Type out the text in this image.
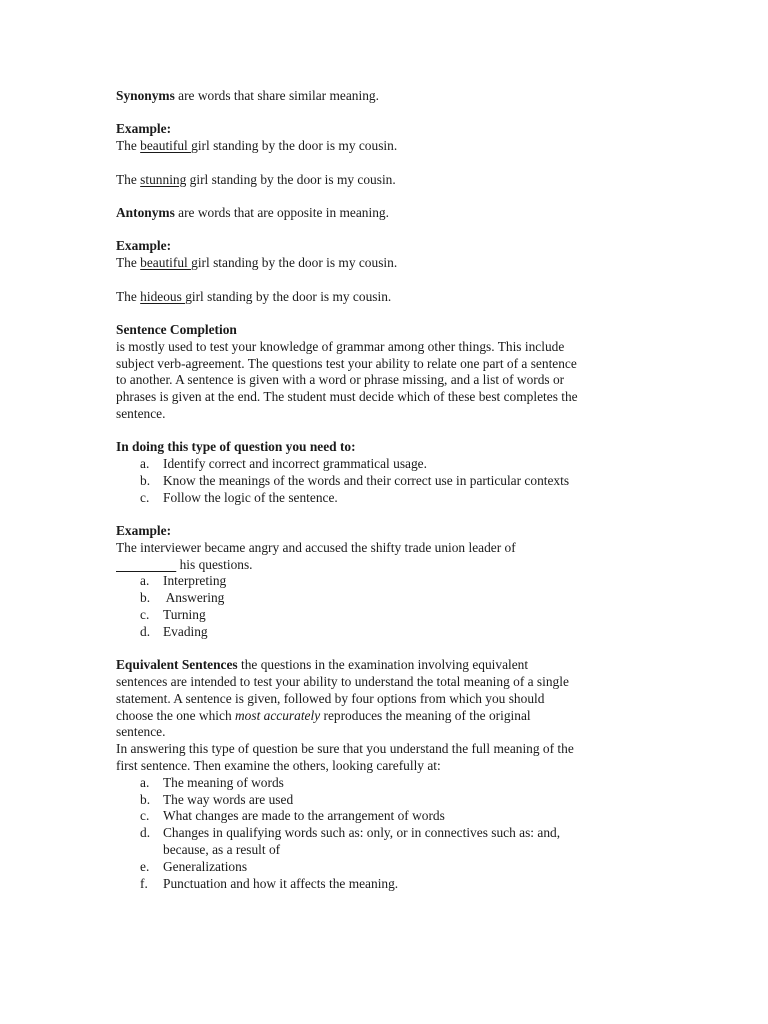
Synonyms are words that share similar meaning.

Example:

The beautiful girl standing by the door is my cousin.

The stunning girl standing by the door is my cousin.

Antonyms are words that are opposite in meaning.

Example:

The beautiful girl standing by the door is my cousin.

The hideous girl standing by the door is my cousin.

Sentence Completion

is mostly used to test your knowledge of grammar among other things. This include

subject verb-agreement. The questions test your ability to relate one part of a sentence

to another. A sentence is given with a word or phrase missing, and a list of words or

phrases is given at the end. The student must decide which of these best completes the

sentence.

In doing this type of question you need to:

a. Identify correct and incorrect grammatical usage.
b. Know the meanings of the words and their correct use in particular contexts
c. Follow the logic of the sentence.

Example:

The interviewer became angry and accused the shifty trade union leader of

his questions.

a. Interpreting
b. Answering
c. Turning
d. Evading

Equivalent Sentences the questions in the examination involving equivalent

sentences are intended to test your ability to understand the total meaning of a single

statement. A sentence is given, followed by four options from which you should

choose the one which most accurately reproduces the meaning of the original

sentence.

In answering this type of question be sure that you understand the full meaning of the

first sentence. Then examine the others, looking carefully at:

a. The meaning of words
b. The way words are used
c. What changes are made to the arrangement of words
d. Changes in qualifying words such as: only, or in connectives such as: and,
because, as a result of
e. Generalizations
f. Punctuation and how it affects the meaning.
